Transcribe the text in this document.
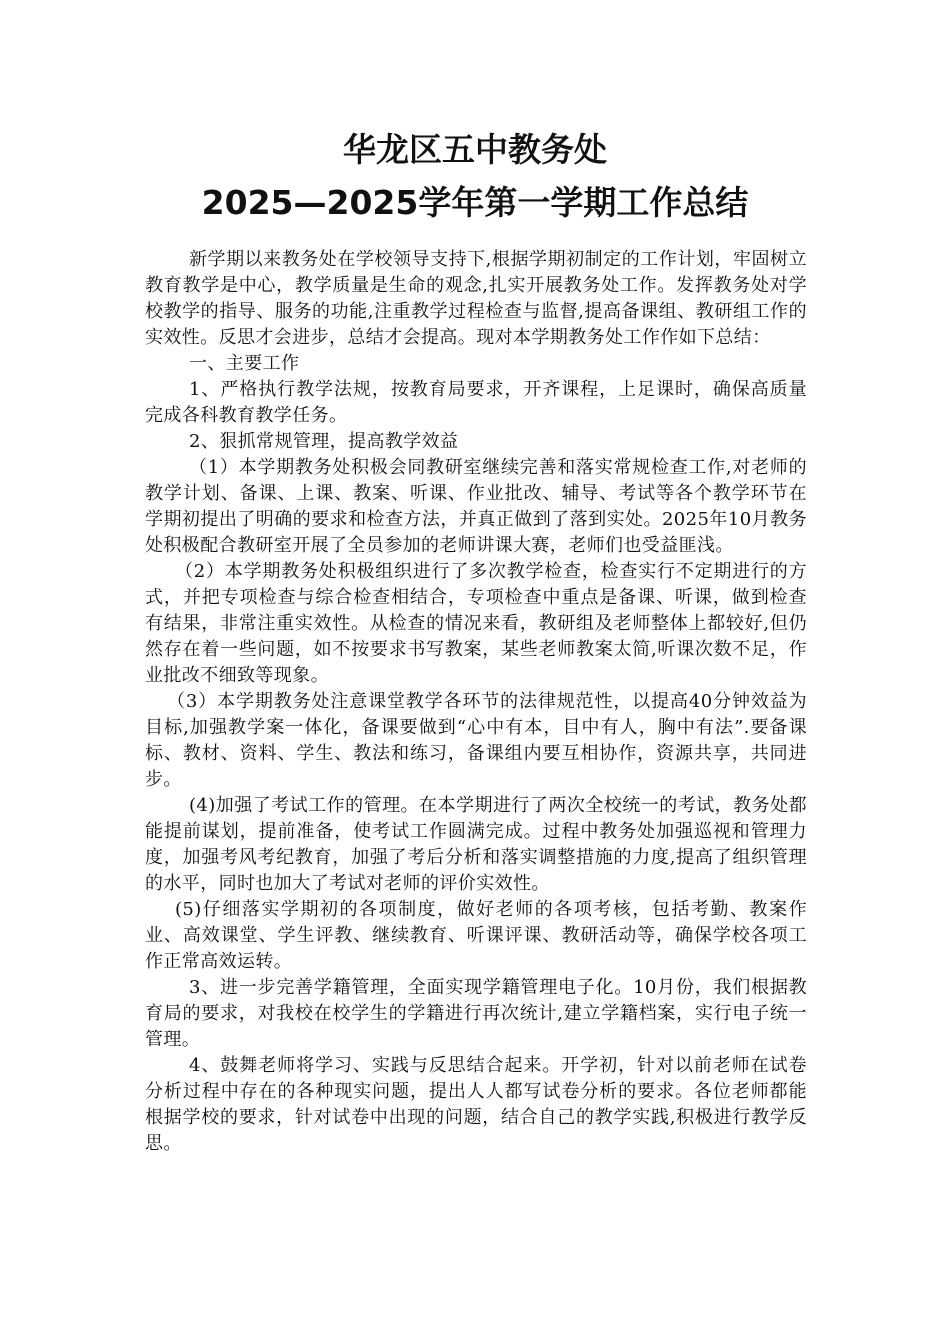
华龙区五中教务处
2025—2025学年第一学期工作总结

新学期以来教务处在学校领导支持下,根据学期初制定的工作计划，牢固树立教育教学是中心，教学质量是生命的观念,扎实开展教务处工作。发挥教务处对学校教学的指导、服务的功能,注重教学过程检查与监督,提高备课组、教研组工作的实效性。反思才会进步，总结才会提高。现对本学期教务处工作作如下总结：

一、主要工作

1、严格执行教学法规，按教育局要求，开齐课程，上足课时，确保高质量完成各科教育教学任务。

2、狠抓常规管理，提高教学效益

（1）本学期教务处积极会同教研室继续完善和落实常规检查工作,对老师的教学计划、备课、上课、教案、听课、作业批改、辅导、考试等各个教学环节在学期初提出了明确的要求和检查方法，并真正做到了落到实处。2025年10月教务处积极配合教研室开展了全员参加的老师讲课大赛，老师们也受益匪浅。

（2）本学期教务处积极组织进行了多次教学检查，检查实行不定期进行的方式，并把专项检查与综合检查相结合，专项检查中重点是备课、听课，做到检查有结果，非常注重实效性。从检查的情况来看，教研组及老师整体上都较好,但仍然存在着一些问题，如不按要求书写教案，某些老师教案太简,听课次数不足，作业批改不细致等现象。

（3）本学期教务处注意课堂教学各环节的法律规范性，以提高40分钟效益为目标,加强教学案一体化，备课要做到“心中有本，目中有人，胸中有法”.要备课标、教材、资料、学生、教法和练习，备课组内要互相协作，资源共享，共同进步。

(4)加强了考试工作的管理。在本学期进行了两次全校统一的考试，教务处都能提前谋划，提前准备，使考试工作圆满完成。过程中教务处加强巡视和管理力度，加强考风考纪教育，加强了考后分析和落实调整措施的力度,提高了组织管理的水平，同时也加大了考试对老师的评价实效性。

(5)仔细落实学期初的各项制度，做好老师的各项考核，包括考勤、教案作业、高效课堂、学生评教、继续教育、听课评课、教研活动等，确保学校各项工作正常高效运转。

3、进一步完善学籍管理，全面实现学籍管理电子化。10月份，我们根据教育局的要求，对我校在校学生的学籍进行再次统计,建立学籍档案，实行电子统一管理。

4、鼓舞老师将学习、实践与反思结合起来。开学初，针对以前老师在试卷分析过程中存在的各种现实问题，提出人人都写试卷分析的要求。各位老师都能根据学校的要求，针对试卷中出现的问题，结合自己的教学实践,积极进行教学反思。
